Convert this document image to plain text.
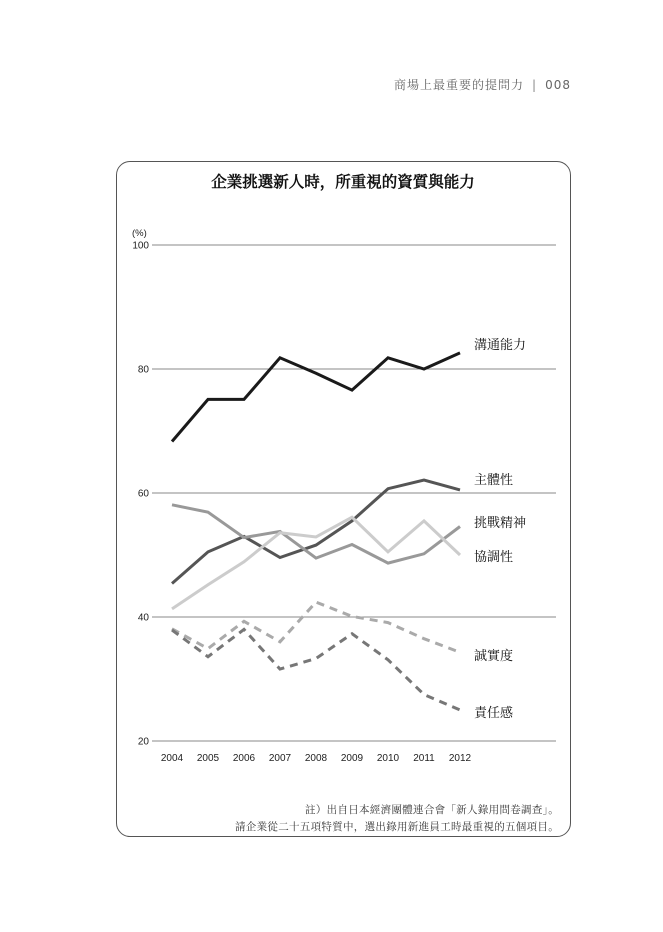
商場上最重要的提問力 | 008
企業挑選新人時，所重視的資質與能力
(%)
20
40
60
80
100
2004 2005 2006 2007 2008 2009 2010 2011 2012
溝通能力
主體性
挑戰精神
協調性
誠實度
責任感
註）出自日本經濟團體連合會「新人錄用問卷調查」。
請企業從二十五項特質中，選出錄用新進員工時最重視的五個項目。
